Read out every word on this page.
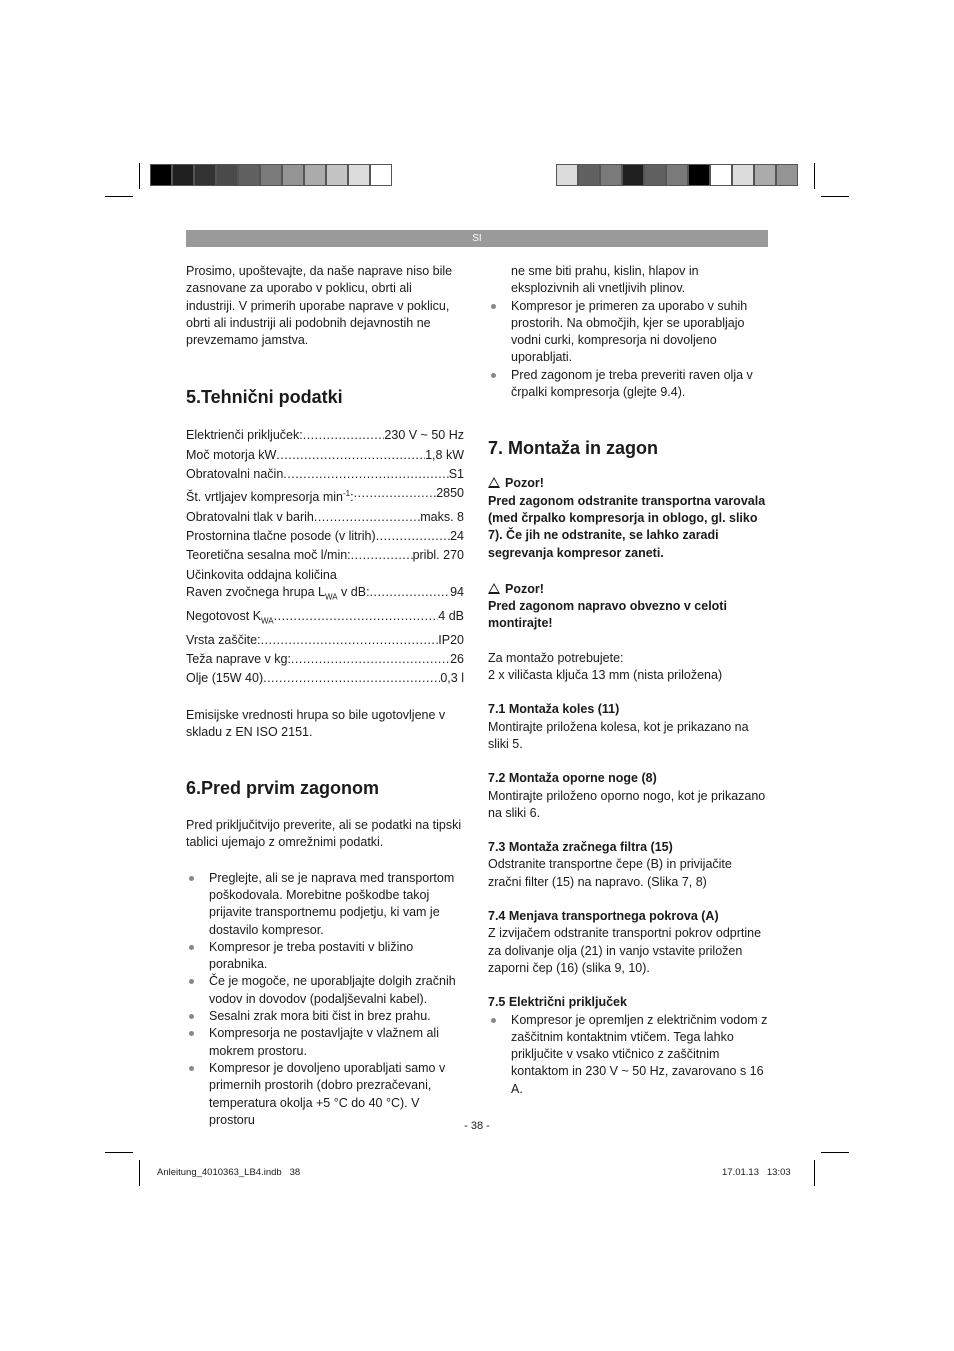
SI

Prosimo, upoštevajte, da naše naprave niso bile zasnovane za uporabo v poklicu, obrti ali industriji. V primerih uporabe naprave v poklicu, obrti ali industriji ali podobnih dejavnostih ne prevzemamo jamstva.

5.Tehnični podatki
Elektrienči priključek: .....	230 V ~ 50 Hz
Moč motorja kW .....	1,8 kW
Obratovalni način .....	S1
Št. vrtljajev kompresorja $\min^{-1}$: .....	2850
Obratovalni tlak v barih .....	maks. 8
Prostornina tlačne posode (v litrih) .....	24
Teoretična sesalna moč l/min: .....	pribl. 270

Učinkovita oddajna količina

Raven zvočnega hrupa $L_{WA}$ v dB: .....	94
Negotovost $K_{WA}$ .....	4 dB
Vrsta zaščite: .....	IP20
Teža naprave v kg: .....	26
Olje (15W 40) .....	0,3 l

Emisijske vrednosti hrupa so bile ugotovljene v skladu z EN ISO 2151.

6.Pred prvim zagonom

Pred priključitvijo preverite, ali se podatki na tipski tablici ujemajo z omrežnimi podatki.

Preglejte, ali se je naprava med transportom poškodovala. Morebitne poškodbe takoj prijavite transportnemu podjetju, ki vam je dostavilo kompresor.
Kompresor je treba postaviti v bližino porabnika.
Če je mogoče, ne uporabljajte dolgih zračnih vodov in dovodov (podaljševalni kabel).
Sesalni zrak mora biti čist in brez prahu.
Kompresorja ne postavljajte v vlažnem ali mokrem prostoru.
Kompresor je dovoljeno uporabljati samo v primernih prostorih (dobro prezračevani, temperatura okolja +5 °C do 40 °C). V prostoru

ne sme biti prahu, kislin, hlapov in eksplozivnih ali vnetljivih plinov.

Kompresor je primeren za uporabo v suhih prostorih. Na območjih, kjer se uporabljajo vodni curki, kompresorja ni dovoljeno uporabljati.
Pred zagonom je treba preveriti raven olja v črpalki kompresorja (glejte 9.4).
7. Montaža in zagon
Pozor!
Pred zagonom odstranite transportna varovala (med črpalko kompresorja in oblogo, gl. sliko 7). Če jih ne odstranite, se lahko zaradi segrevanja kompresor zaneti.
Pozor!
Pred zagonom napravo obvezno v celoti montirajte!

Za montažo potrebujete:

2 x viličasta ključa 13 mm (nista priložena)

7.1 Montaža koles (11)

Montirajte priložena kolesa, kot je prikazano na sliki 5.

7.2 Montaža oporne noge (8)

Montirajte priloženo oporno nogo, kot je prikazano na sliki 6.

7.3 Montaža zračnega filtra (15)

Odstranite transportne čepe (B) in privijačite zračni filter (15) na napravo. (Slika 7, 8)

7.4 Menjava transportnega pokrova (A)

Z izvijačem odstranite transportni pokrov odprtine za dolivanje olja (21) in vanjo vstavite priložen zaporni čep (16) (slika 9, 10).

7.5 Električni priključek
Kompresor je opremljen z električnim vodom z zaščitnim kontaktnim vtičem. Tega lahko priključite v vsako vtičnico z zaščitnim kontaktom in 230 V ~ 50 Hz, zavarovano s 16 A.
- 38 -
Anleitung_4010363_LB4.indb   38	17.01.13   13:03
